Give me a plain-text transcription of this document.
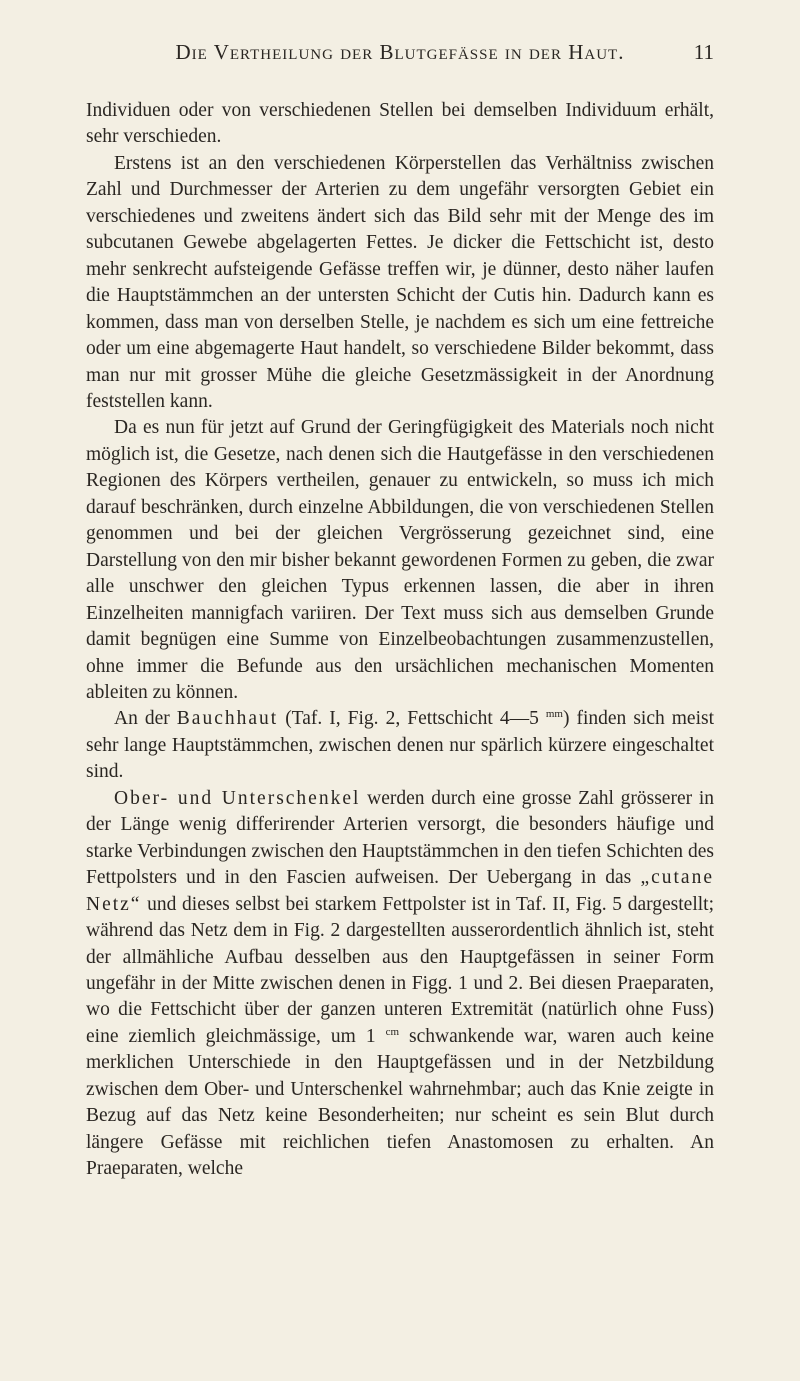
Die Vertheilung der Blutgefässe in der Haut.	11

Individuen oder von verschiedenen Stellen bei demselben Individuum erhält, sehr verschieden.

Erstens ist an den verschiedenen Körperstellen das Verhältniss zwischen Zahl und Durchmesser der Arterien zu dem ungefähr versorgten Gebiet ein verschiedenes und zweitens ändert sich das Bild sehr mit der Menge des im subcutanen Gewebe abgelagerten Fettes. Je dicker die Fettschicht ist, desto mehr senkrecht aufsteigende Gefässe treffen wir, je dünner, desto näher laufen die Hauptstämmchen an der untersten Schicht der Cutis hin. Dadurch kann es kommen, dass man von derselben Stelle, je nachdem es sich um eine fettreiche oder um eine abgemagerte Haut handelt, so verschiedene Bilder bekommt, dass man nur mit grosser Mühe die gleiche Gesetzmässigkeit in der Anordnung feststellen kann.

Da es nun für jetzt auf Grund der Geringfügigkeit des Materials noch nicht möglich ist, die Gesetze, nach denen sich die Hautgefässe in den verschiedenen Regionen des Körpers vertheilen, genauer zu entwickeln, so muss ich mich darauf beschränken, durch einzelne Abbildungen, die von verschiedenen Stellen genommen und bei der gleichen Vergrösserung gezeichnet sind, eine Darstellung von den mir bisher bekannt gewordenen Formen zu geben, die zwar alle unschwer den gleichen Typus erkennen lassen, die aber in ihren Einzelheiten mannigfach variiren. Der Text muss sich aus demselben Grunde damit begnügen eine Summe von Einzelbeobachtungen zusammenzustellen, ohne immer die Befunde aus den ursächlichen mechanischen Momenten ableiten zu können.

An der Bauchhaut (Taf. I, Fig. 2, Fettschicht 4—5 $^{mm}$) finden sich meist sehr lange Hauptstämmchen, zwischen denen nur spärlich kürzere eingeschaltet sind.

Ober- und Unterschenkel werden durch eine grosse Zahl grösserer in der Länge wenig differirender Arterien versorgt, die besonders häufige und starke Verbindungen zwischen den Hauptstämmchen in den tiefen Schichten des Fettpolsters und in den Fascien aufweisen. Der Uebergang in das „cutane Netz“ und dieses selbst bei starkem Fettpolster ist in Taf. II, Fig. 5 dargestellt; während das Netz dem in Fig. 2 dargestellten ausserordentlich ähnlich ist, steht der allmähliche Aufbau desselben aus den Hauptgefässen in seiner Form ungefähr in der Mitte zwischen denen in Figg. 1 und 2. Bei diesen Praeparaten, wo die Fettschicht über der ganzen unteren Extremität (natürlich ohne Fuss) eine ziemlich gleichmässige, um 1 $^{cm}$ schwankende war, waren auch keine merklichen Unterschiede in den Hauptgefässen und in der Netzbildung zwischen dem Ober- und Unterschenkel wahrnehmbar; auch das Knie zeigte in Bezug auf das Netz keine Besonderheiten; nur scheint es sein Blut durch längere Gefässe mit reichlichen tiefen Anastomosen zu erhalten. An Praeparaten, welche
